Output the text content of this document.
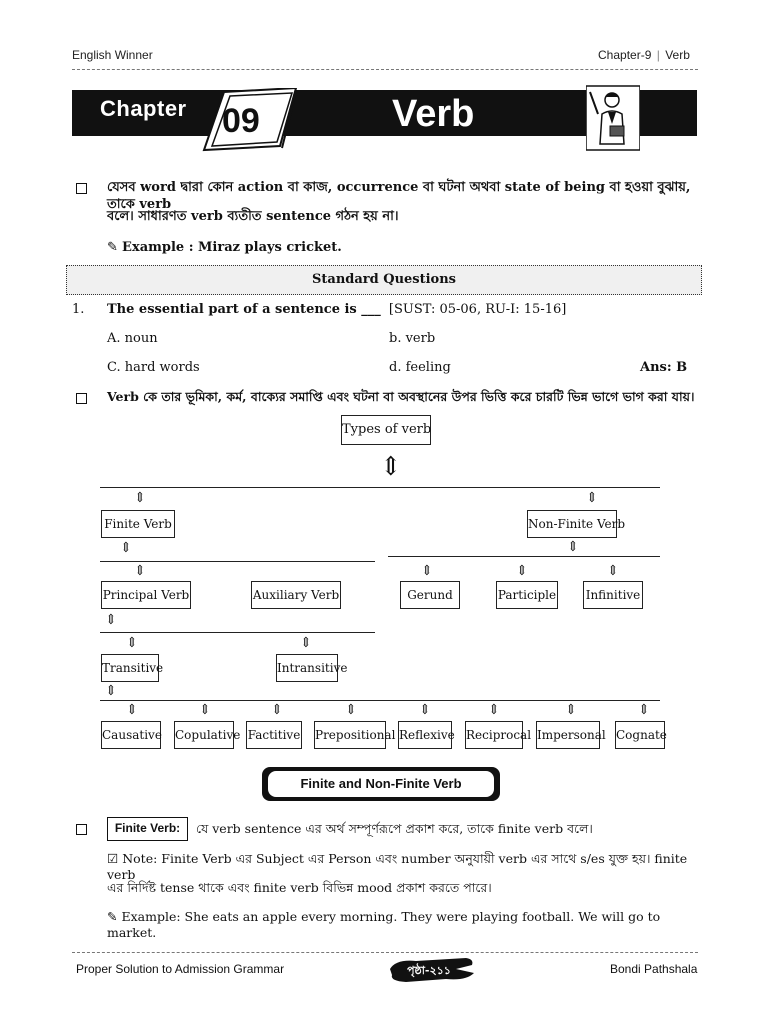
English Winner	Chapter-9 | Verb
Chapter 09	Verb
যেসব word দ্বারা কোন action বা কাজ, occurrence বা ঘটনা অথবা state of being বা হওয়া বুঝায়, তাকে verb
বলে। সাধারণত verb ব্যতীত sentence গঠন হয় না।
✎ Example : Miraz plays cricket.
Standard Questions
1. The essential part of a sentence is ___ [SUST: 05-06, RU-I: 15-16]
A. noun	b. verb
C. hard words	d. feeling	Ans: B
Verb কে তার ভূমিকা, কর্ম, বাক্যের সমাপ্তি এবং ঘটনা বা অবস্থানের উপর ভিত্তি করে চারটি ভিন্ন ভাগে ভাগ করা যায়।
Types of verb
⇕
⇕	⇕
Finite Verb	Non-Finite Verb
⇕	⇕
⇕	⇕	⇕	⇕
Principal Verb	Auxiliary Verb	Gerund	Participle Infinitive
⇕
⇕	⇕
Transitive	Intransitive
⇕
⇕	⇕	⇕	⇕	⇕	⇕	⇕	⇕
Causative Copulative Factitive Prepositional Reflexive Reciprocal Impersonal Cognate
Finite and Non-Finite Verb
Finite Verb:	যে verb sentence এর অর্থ সম্পূর্ণরূপে প্রকাশ করে, তাকে finite verb বলে।
☑ Note: Finite Verb এর Subject এর Person এবং number অনুযায়ী verb এর সাথে s/es যুক্ত হয়। finite verb
এর নির্দিষ্ট tense থাকে এবং finite verb বিভিন্ন mood প্রকাশ করতে পারে।
✎ Example: She eats an apple every morning. They were playing football. We will go to market.
Proper Solution to Admission Grammar	পৃষ্ঠা-২১১	Bondi Pathshala
